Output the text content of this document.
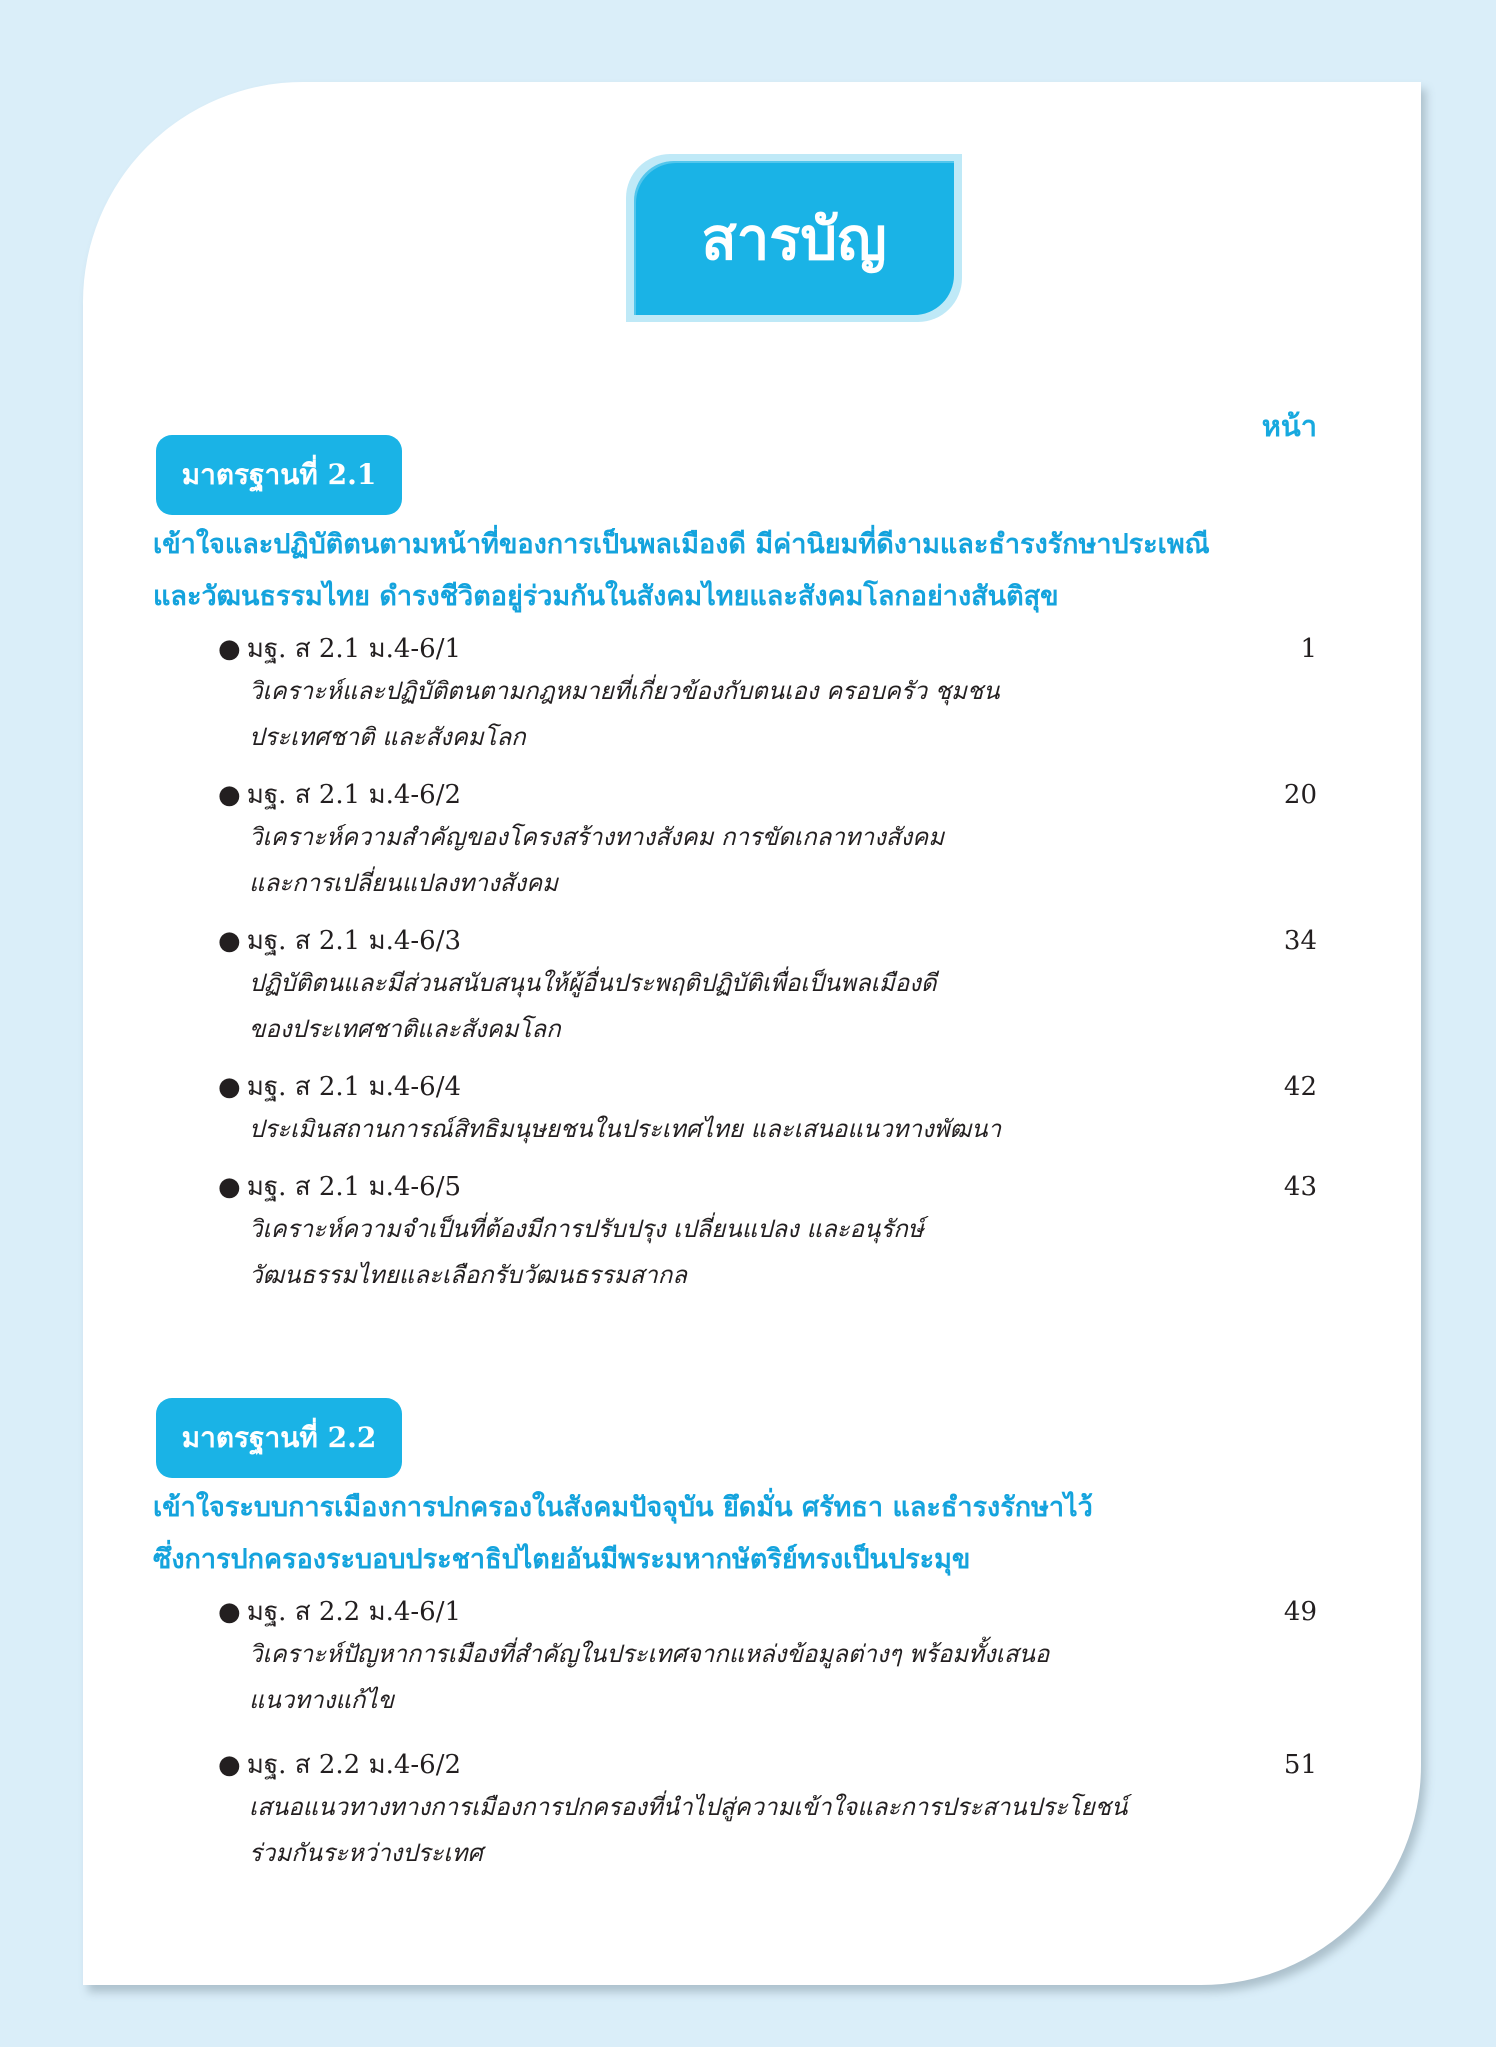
สารบัญ
หน้า
มาตรฐานที่ 2.1
เข้าใจและปฏิบัติตนตามหน้าที่ของการเป็นพลเมืองดี มีค่านิยมที่ดีงามและธำรงรักษาประเพณี
และวัฒนธรรมไทย ดำรงชีวิตอยู่ร่วมกันในสังคมไทยและสังคมโลกอย่างสันติสุข
● มฐ. ส 2.1 ม.4-6/1	1
วิเคราะห์และปฏิบัติตนตามกฎหมายที่เกี่ยวข้องกับตนเอง ครอบครัว ชุมชน
ประเทศชาติ และสังคมโลก
● มฐ. ส 2.1 ม.4-6/2	20
วิเคราะห์ความสำคัญของโครงสร้างทางสังคม การขัดเกลาทางสังคม
และการเปลี่ยนแปลงทางสังคม
● มฐ. ส 2.1 ม.4-6/3	34
ปฏิบัติตนและมีส่วนสนับสนุนให้ผู้อื่นประพฤติปฏิบัติเพื่อเป็นพลเมืองดี
ของประเทศชาติและสังคมโลก
● มฐ. ส 2.1 ม.4-6/4	42
ประเมินสถานการณ์สิทธิมนุษยชนในประเทศไทย และเสนอแนวทางพัฒนา
● มฐ. ส 2.1 ม.4-6/5	43
วิเคราะห์ความจำเป็นที่ต้องมีการปรับปรุง เปลี่ยนแปลง และอนุรักษ์
วัฒนธรรมไทยและเลือกรับวัฒนธรรมสากล
มาตรฐานที่ 2.2
เข้าใจระบบการเมืองการปกครองในสังคมปัจจุบัน ยึดมั่น ศรัทธา และธำรงรักษาไว้
ซึ่งการปกครองระบอบประชาธิปไตยอันมีพระมหากษัตริย์ทรงเป็นประมุข
● มฐ. ส 2.2 ม.4-6/1	49
วิเคราะห์ปัญหาการเมืองที่สำคัญในประเทศจากแหล่งข้อมูลต่างๆ พร้อมทั้งเสนอ
แนวทางแก้ไข
● มฐ. ส 2.2 ม.4-6/2	51
เสนอแนวทางทางการเมืองการปกครองที่นำไปสู่ความเข้าใจและการประสานประโยชน์
ร่วมกันระหว่างประเทศ
